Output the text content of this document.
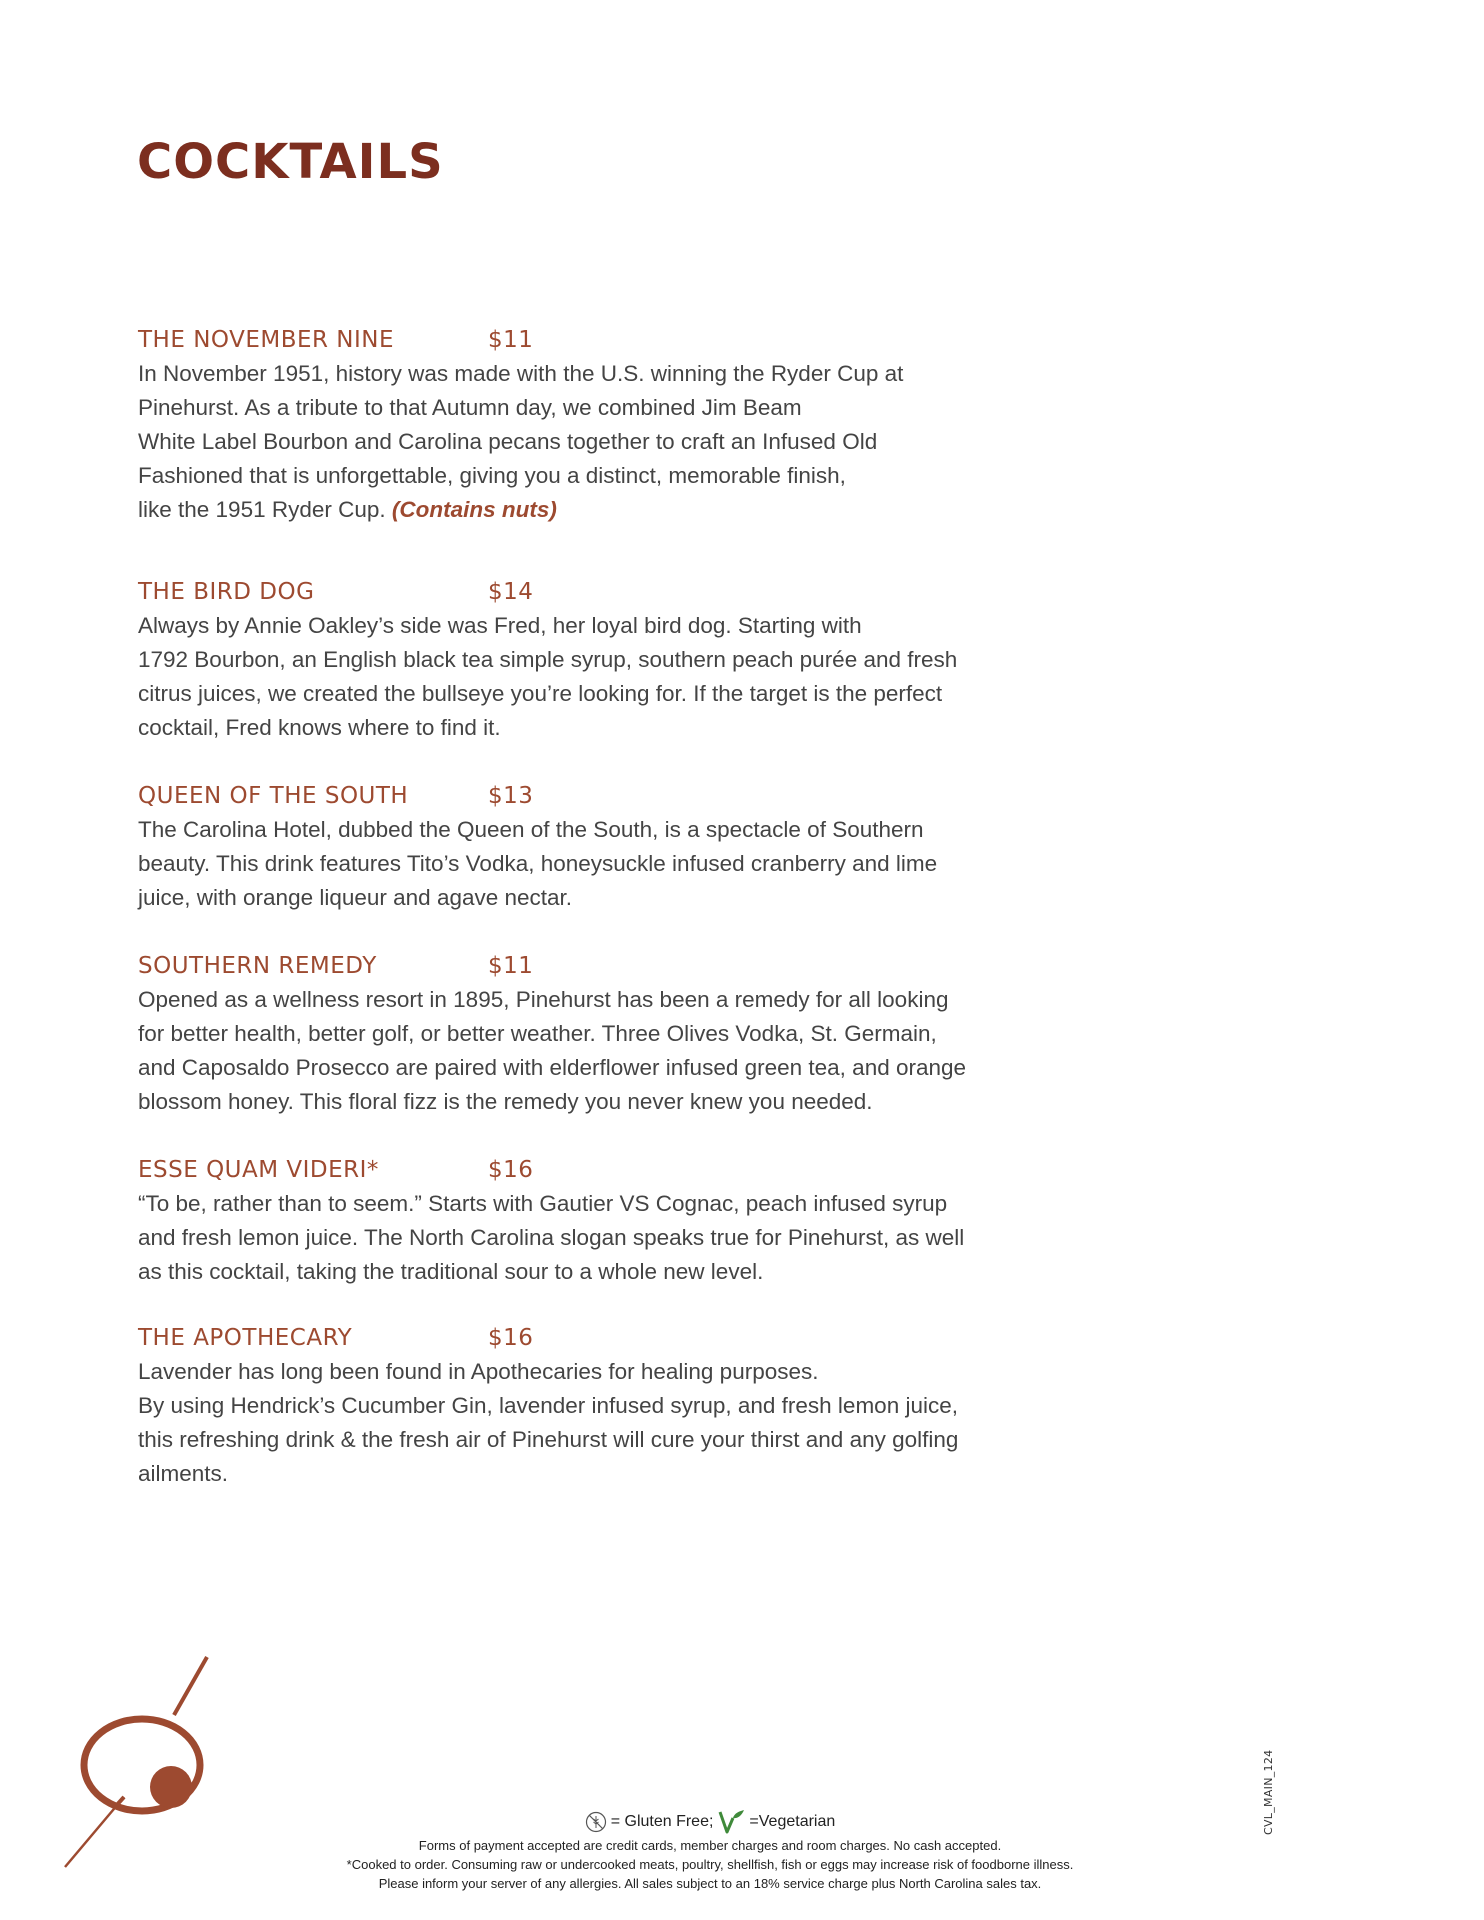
COCKTAILS
THE NOVEMBER NINE	$11

In November 1951, history was made with the U.S. winning the Ryder Cup at
Pinehurst. As a tribute to that Autumn day, we combined Jim Beam
White Label Bourbon and Carolina pecans together to craft an Infused Old
Fashioned that is unforgettable, giving you a distinct, memorable finish,
like the 1951 Ryder Cup. (Contains nuts)

THE BIRD DOG	$14

Always by Annie Oakley’s side was Fred, her loyal bird dog. Starting with
1792 Bourbon, an English black tea simple syrup, southern peach purée and fresh
citrus juices, we created the bullseye you’re looking for. If the target is the perfect
cocktail, Fred knows where to find it.

QUEEN OF THE SOUTH	$13

The Carolina Hotel, dubbed the Queen of the South, is a spectacle of Southern
beauty. This drink features Tito’s Vodka, honeysuckle infused cranberry and lime
juice, with orange liqueur and agave nectar.

SOUTHERN REMEDY	$11

Opened as a wellness resort in 1895, Pinehurst has been a remedy for all looking
for better health, better golf, or better weather. Three Olives Vodka, St. Germain,
and Caposaldo Prosecco are paired with elderflower infused green tea, and orange
blossom honey. This floral fizz is the remedy you never knew you needed.

ESSE QUAM VIDERI*	$16

“To be, rather than to seem.” Starts with Gautier VS Cognac, peach infused syrup
and fresh lemon juice. The North Carolina slogan speaks true for Pinehurst, as well
as this cocktail, taking the traditional sour to a whole new level.

THE APOTHECARY	$16

Lavender has long been found in Apothecaries for healing purposes.
By using Hendrick’s Cucumber Gin, lavender infused syrup, and fresh lemon juice,
this refreshing drink & the fresh air of Pinehurst will cure your thirst and any golfing
ailments.

= Gluten Free; =Vegetarian
Forms of payment accepted are credit cards, member charges and room charges. No cash accepted.
*Cooked to order. Consuming raw or undercooked meats, poultry, shellfish, fish or eggs may increase risk of foodborne illness.
Please inform your server of any allergies. All sales subject to an 18% service charge plus North Carolina sales tax.
CVL_MAIN_124
